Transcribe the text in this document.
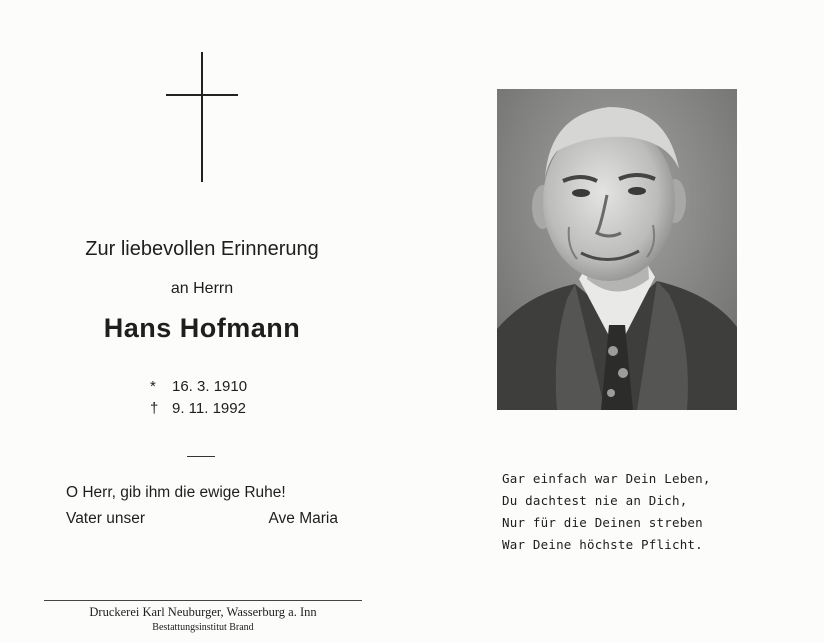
Zur liebevollen Erinnerung
an Herrn
Hans Hofmann
*	16. 3. 1910
† 9. 11. 1992
O Herr, gib ihm die ewige Ruhe!
Vater unser	Ave Maria
Druckerei Karl Neuburger, Wasserburg a. Inn
Bestattungsinstitut Brand
Gar einfach war Dein Leben,
Du dachtest nie an Dich,
Nur für die Deinen streben
War Deine höchste Pflicht.
